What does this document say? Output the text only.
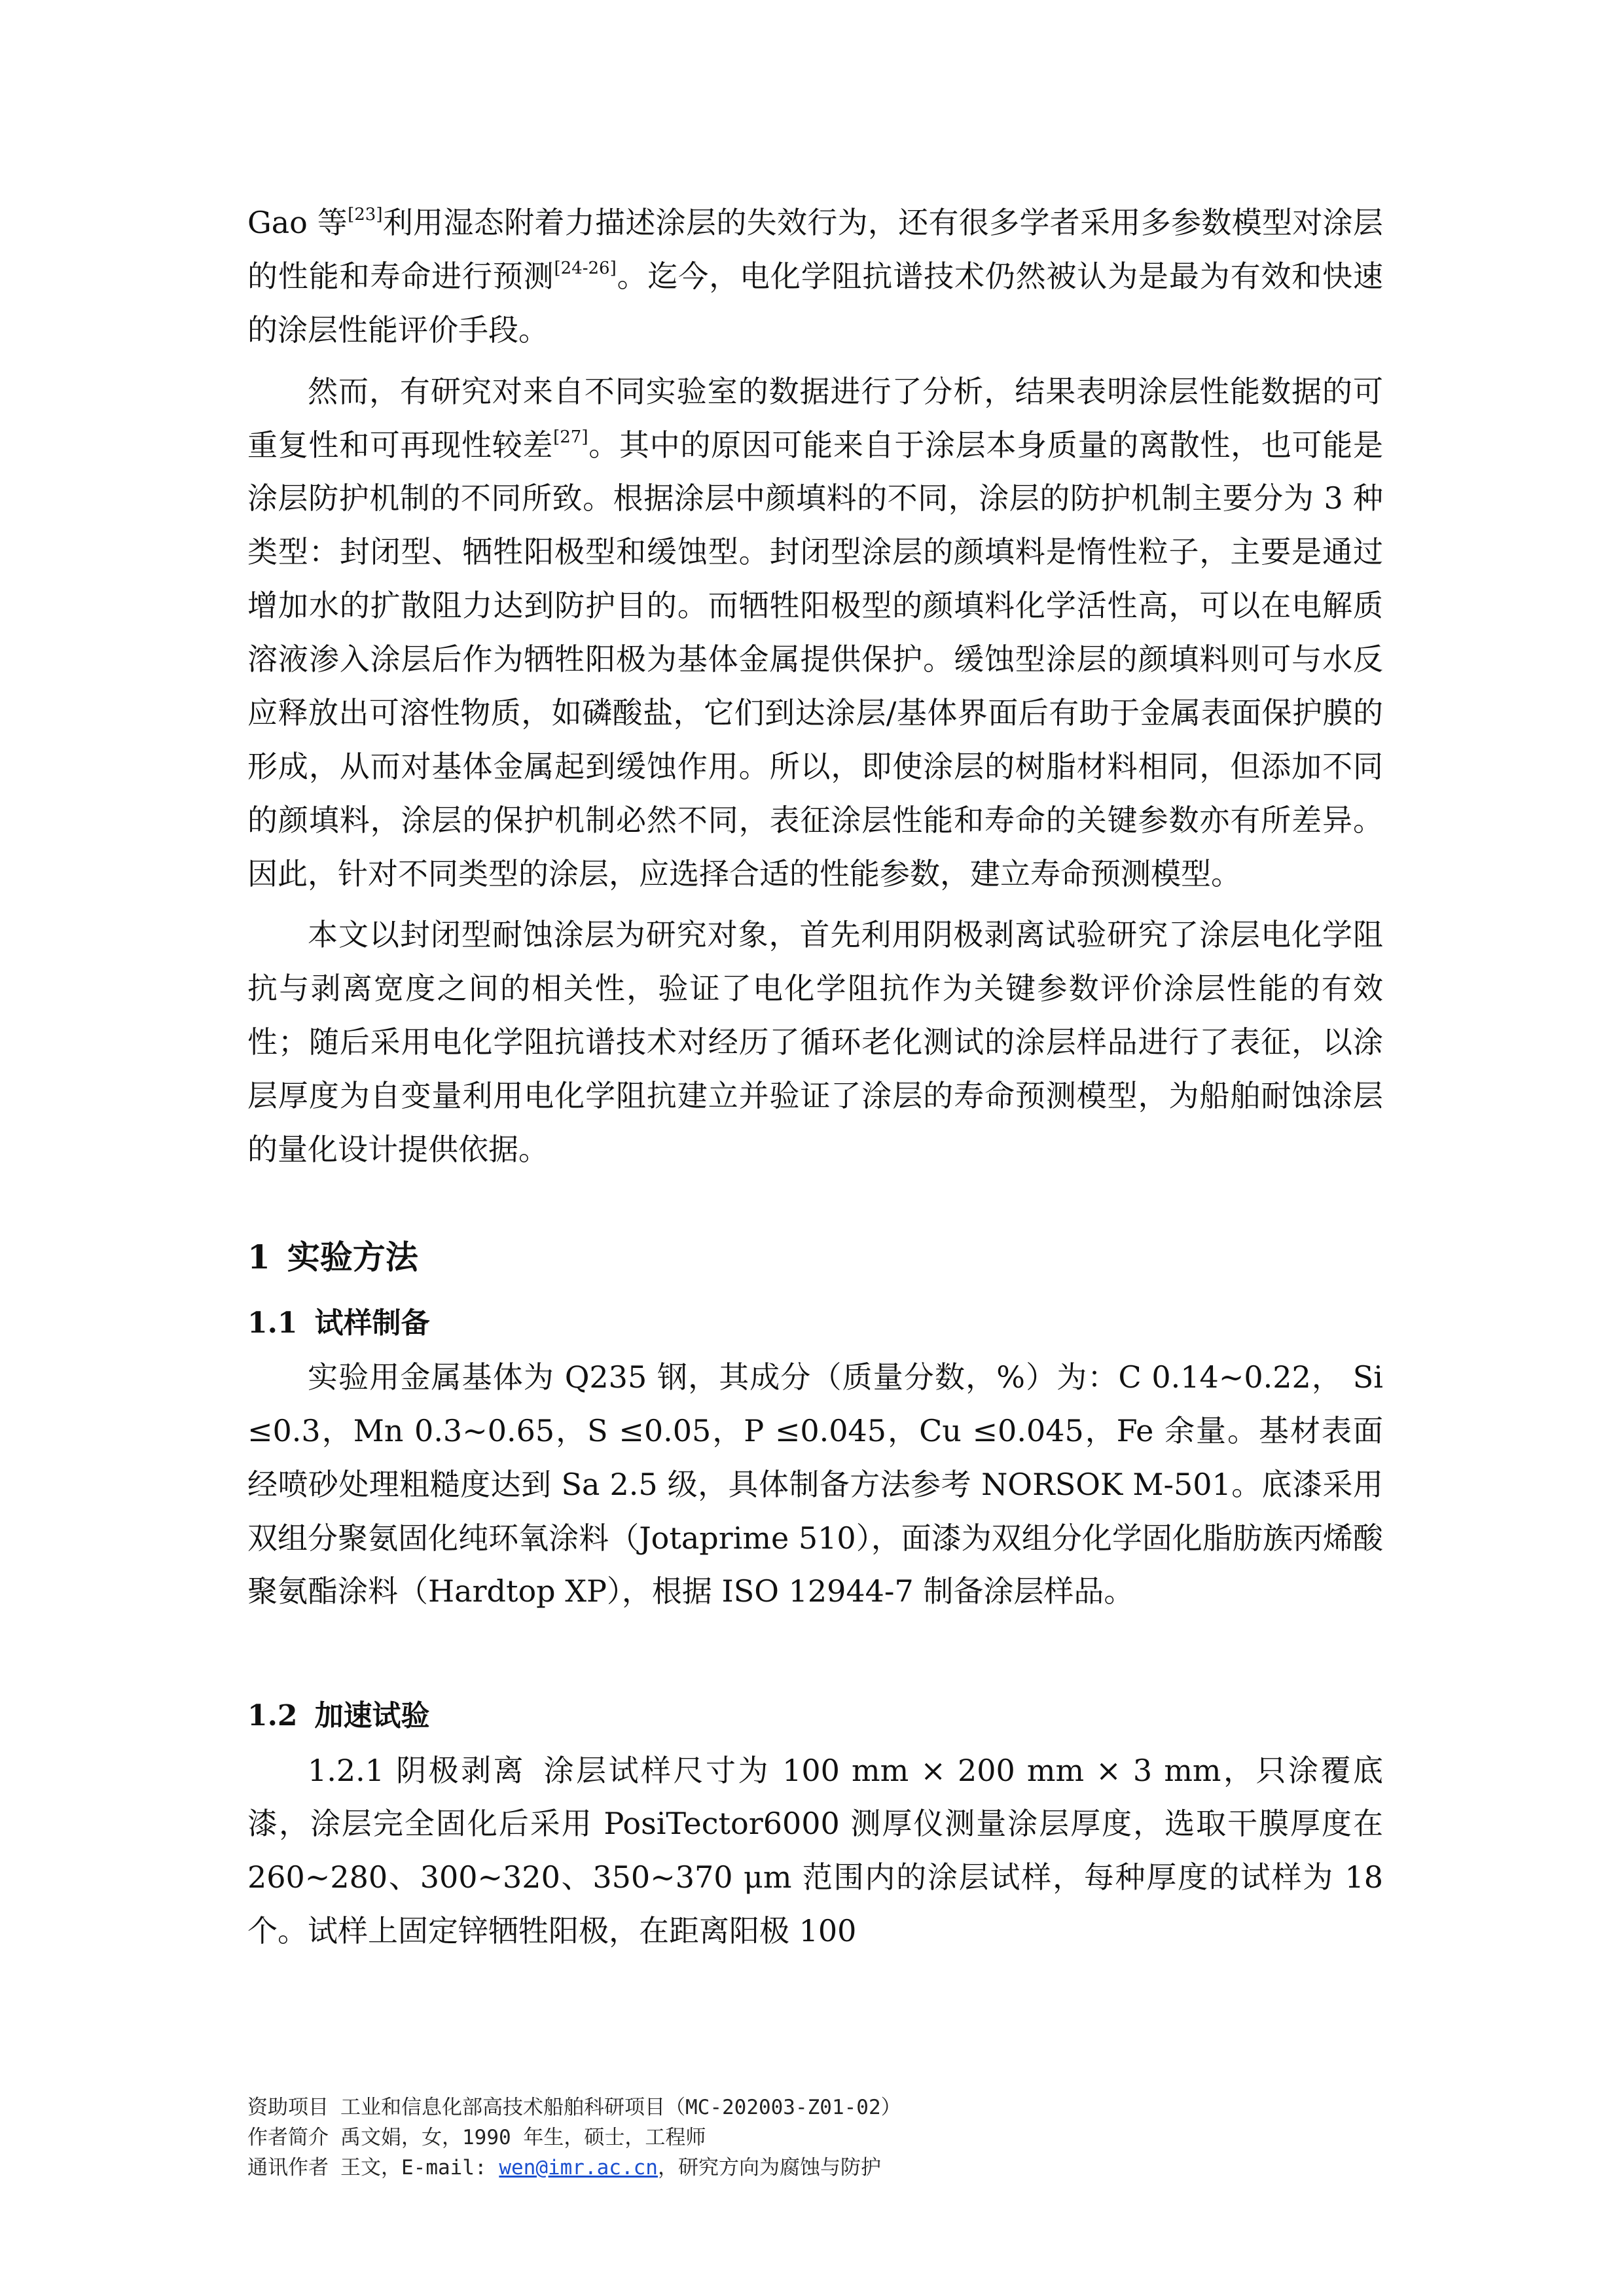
Gao 等[23]利用湿态附着力描述涂层的失效行为，还有很多学者采用多参数模型对涂层的性能和寿命进行预测[24-26]。迄今，电化学阻抗谱技术仍然被认为是最为有效和快速的涂层性能评价手段。

然而，有研究对来自不同实验室的数据进行了分析，结果表明涂层性能数据的可重复性和可再现性较差[27]。其中的原因可能来自于涂层本身质量的离散性，也可能是涂层防护机制的不同所致。根据涂层中颜填料的不同，涂层的防护机制主要分为 3 种类型：封闭型、牺牲阳极型和缓蚀型。封闭型涂层的颜填料是惰性粒子，主要是通过增加水的扩散阻力达到防护目的。而牺牲阳极型的颜填料化学活性高，可以在电解质溶液渗入涂层后作为牺牲阳极为基体金属提供保护。缓蚀型涂层的颜填料则可与水反应释放出可溶性物质，如磷酸盐，它们到达涂层/基体界面后有助于金属表面保护膜的形成，从而对基体金属起到缓蚀作用。所以，即使涂层的树脂材料相同，但添加不同的颜填料，涂层的保护机制必然不同，表征涂层性能和寿命的关键参数亦有所差异。因此，针对不同类型的涂层，应选择合适的性能参数，建立寿命预测模型。

本文以封闭型耐蚀涂层为研究对象，首先利用阴极剥离试验研究了涂层电化学阻抗与剥离宽度之间的相关性，验证了电化学阻抗作为关键参数评价涂层性能的有效性；随后采用电化学阻抗谱技术对经历了循环老化测试的涂层样品进行了表征，以涂层厚度为自变量利用电化学阻抗建立并验证了涂层的寿命预测模型，为船舶耐蚀涂层的量化设计提供依据。

1 实验方法
1.1 试样制备

实验用金属基体为 Q235 钢，其成分（质量分数，%）为：C 0.14~0.22， Si ≤0.3，Mn 0.3~0.65，S ≤0.05，P ≤0.045，Cu ≤0.045，Fe 余量。基材表面经喷砂处理粗糙度达到 Sa 2.5 级，具体制备方法参考 NORSOK M-501。底漆采用双组分聚氨固化纯环氧涂料（Jotaprime 510），面漆为双组分化学固化脂肪族丙烯酸聚氨酯涂料（Hardtop XP），根据 ISO 12944-7 制备涂层样品。

1.2 加速试验

1.2.1 阴极剥离 涂层试样尺寸为 100 mm × 200 mm × 3 mm，只涂覆底漆，涂层完全固化后采用 PosiTector6000 测厚仪测量涂层厚度，选取干膜厚度在 260~280、300~320、350~370 μm 范围内的涂层试样，每种厚度的试样为 18 个。试样上固定锌牺牲阳极，在距离阳极 100

资助项目 工业和信息化部高技术船舶科研项目（MC-202003-Z01-02）
作者简介 禹文娟，女，1990 年生，硕士，工程师
通讯作者 王文，E-mail: wen@imr.ac.cn，研究方向为腐蚀与防护
